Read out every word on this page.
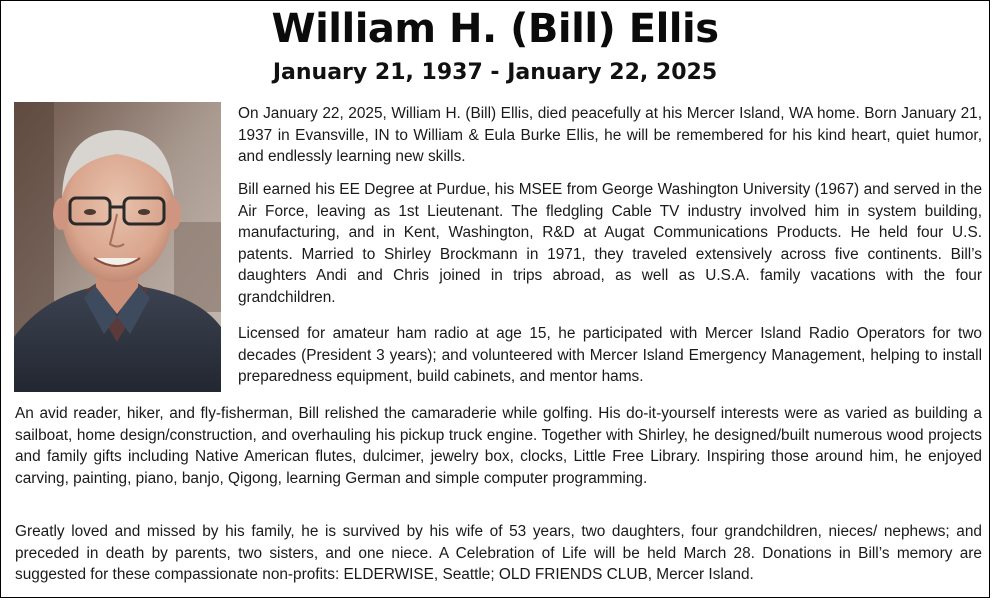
William H. (Bill) Ellis
January 21, 1937 - January 22, 2025

On January 22, 2025, William H. (Bill) Ellis, died peacefully at his Mercer Island, WA home. Born January 21, 1937 in Evansville, IN to William & Eula Burke Ellis, he will be remembered for his kind heart, quiet humor, and endlessly learning new skills.

Bill earned his EE Degree at Purdue, his MSEE from George Washington University (1967) and served in the Air Force, leaving as 1st Lieutenant. The fledgling Cable TV industry involved him in system building, manufacturing, and in Kent, Washington, R&D at Augat Communications Products. He held four U.S. patents. Married to Shirley Brockmann in 1971, they traveled extensively across five continents. Bill’s daughters Andi and Chris joined in trips abroad, as well as U.S.A. family vacations with the four grandchildren.

Licensed for amateur ham radio at age 15, he participated with Mercer Island Radio Operators for two decades (President 3 years); and volunteered with Mercer Island Emergency Management, helping to install preparedness equipment, build cabinets, and mentor hams.

An avid reader, hiker, and fly-fisherman, Bill relished the camaraderie while golfing. His do-it-yourself interests were as varied as building a sailboat, home design/construction, and overhauling his pickup truck engine. Together with Shirley, he designed/built numerous wood projects and family gifts including Native American flutes, dulcimer, jewelry box, clocks, Little Free Library. Inspiring those around him, he enjoyed carving, painting, piano, banjo, Qigong, learning German and simple computer programming.

Greatly loved and missed by his family, he is survived by his wife of 53 years, two daughters, four grandchildren, nieces/ nephews; and preceded in death by parents, two sisters, and one niece. A Celebration of Life will be held March 28. Donations in Bill’s memory are suggested for these compassionate non-profits: ELDERWISE, Seattle; OLD FRIENDS CLUB, Mercer Island.
